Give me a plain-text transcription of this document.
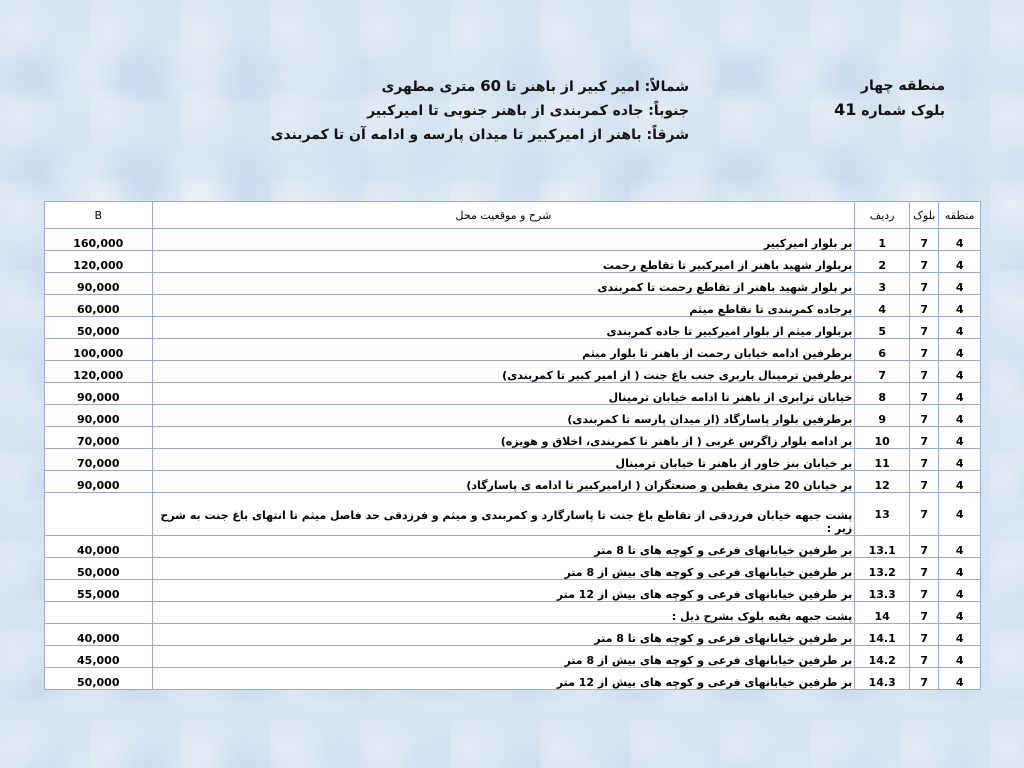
منطقه چهار
بلوک شماره 41
شمالاً: امیر کبیر از باهنر تا 60 متری مطهری
جنوباً: جاده کمربندی از باهنر جنوبی تا امیرکبیر
شرقاً: باهنر از امیرکبیر تا میدان پارسه و ادامه آن تا کمربندی
منطقه	بلوک	ردیف	شرح و موقعیت محل	B
4	7	1	بر بلوار امیرکبیر	160,000
4	7	2	بربلوار شهید باهنر از امیرکبیر تا تقاطع رحمت	120,000
4	7	3	بر بلوار شهید باهنر از تقاطع رحمت تا کمربندی	90,000
4	7	4	برجاده کمربندی تا تقاطع میثم	60,000
4	7	5	بربلوار میثم از بلوار امیرکبیر تا جاده کمربندی	50,000
4	7	6	برطرفین ادامه خیابان رحمت از باهنر تا بلوار میثم	100,000
4	7	7	برطرفین ترمینال باربری جنب باغ جنت ( از امیر کبیر تا کمربندی)	120,000
4	7	8	خیابان ترابری از باهنر تا ادامه خیابان ترمینال	90,000
4	7	9	برطرفین بلوار پاسارگاد (از میدان پارسه تا کمربندی)	90,000
4	7	10	بر ادامه بلوار زاگرس غربی ( از باهنر تا کمربندی، اخلاق و هویزه)	70,000
4	7	11	بر خیابان بنز خاور از باهنر تا خیابان ترمینال	70,000
4	7	12	بر خیابان 20 متری یقطین و صنعتگران ( ازامیرکبیر تا ادامه ی پاسارگاد)	90,000
4	7	13	پشت جبهه خیابان فرزدقی از تقاطع باغ جنت تا پاسارگارد و کمربندی و میثم و فرزدقی حد فاصل میثم تا انتهای باغ جنت به شرح زیر :	
4	7	13.1	بر طرفین خیابانهای فرعی و کوچه های تا 8 متر	40,000
4	7	13.2	بر طرفین خیابانهای فرعی و کوچه های بیش از 8 متر	50,000
4	7	13.3	بر طرفین خیابانهای فرعی و کوچه های بیش از 12 متر	55,000
4	7	14	پشت جبهه بقیه بلوک بشرح ذیل :	
4	7	14.1	بر طرفین خیابانهای فرعی و کوچه های تا 8 متر	40,000
4	7	14.2	بر طرفین خیابانهای فرعی و کوچه های بیش از 8 متر	45,000
4	7	14.3	بر طرفین خیابانهای فرعی و کوچه های بیش از 12 متر	50,000
